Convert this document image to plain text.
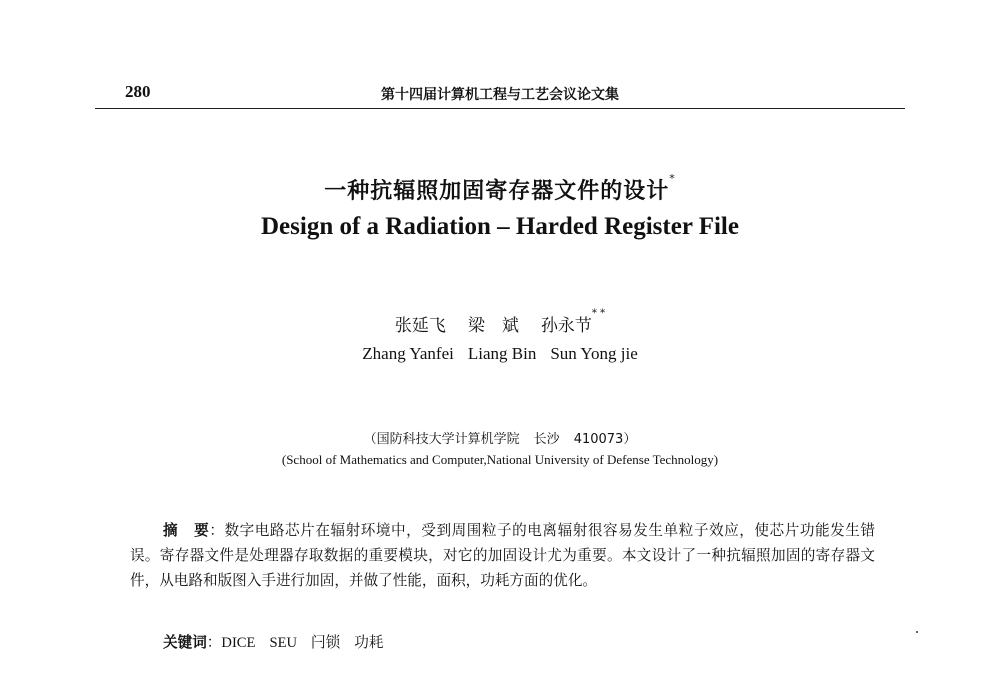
280	第十四届计算机工程与工艺会议论文集
一种抗辐照加固寄存器文件的设计*
Design of a Radiation – Harded Register File
张延飞 梁　斌 孙永节* *
Zhang Yanfei Liang Bin Sun Yong jie
（国防科技大学计算机学院 长沙 410073）
(School of Mathematics and Computer,National University of Defense Technology)

摘要：数字电路芯片在辐射环境中，受到周围粒子的电离辐射很容易发生单粒子效应，使芯片功能发生错误。寄存器文件是处理器存取数据的重要模块，对它的加固设计尤为重要。本文设计了一种抗辐照加固的寄存器文件，从电路和版图入手进行加固，并做了性能，面积，功耗方面的优化。

关键词：DICE SEU 闩锁 功耗
